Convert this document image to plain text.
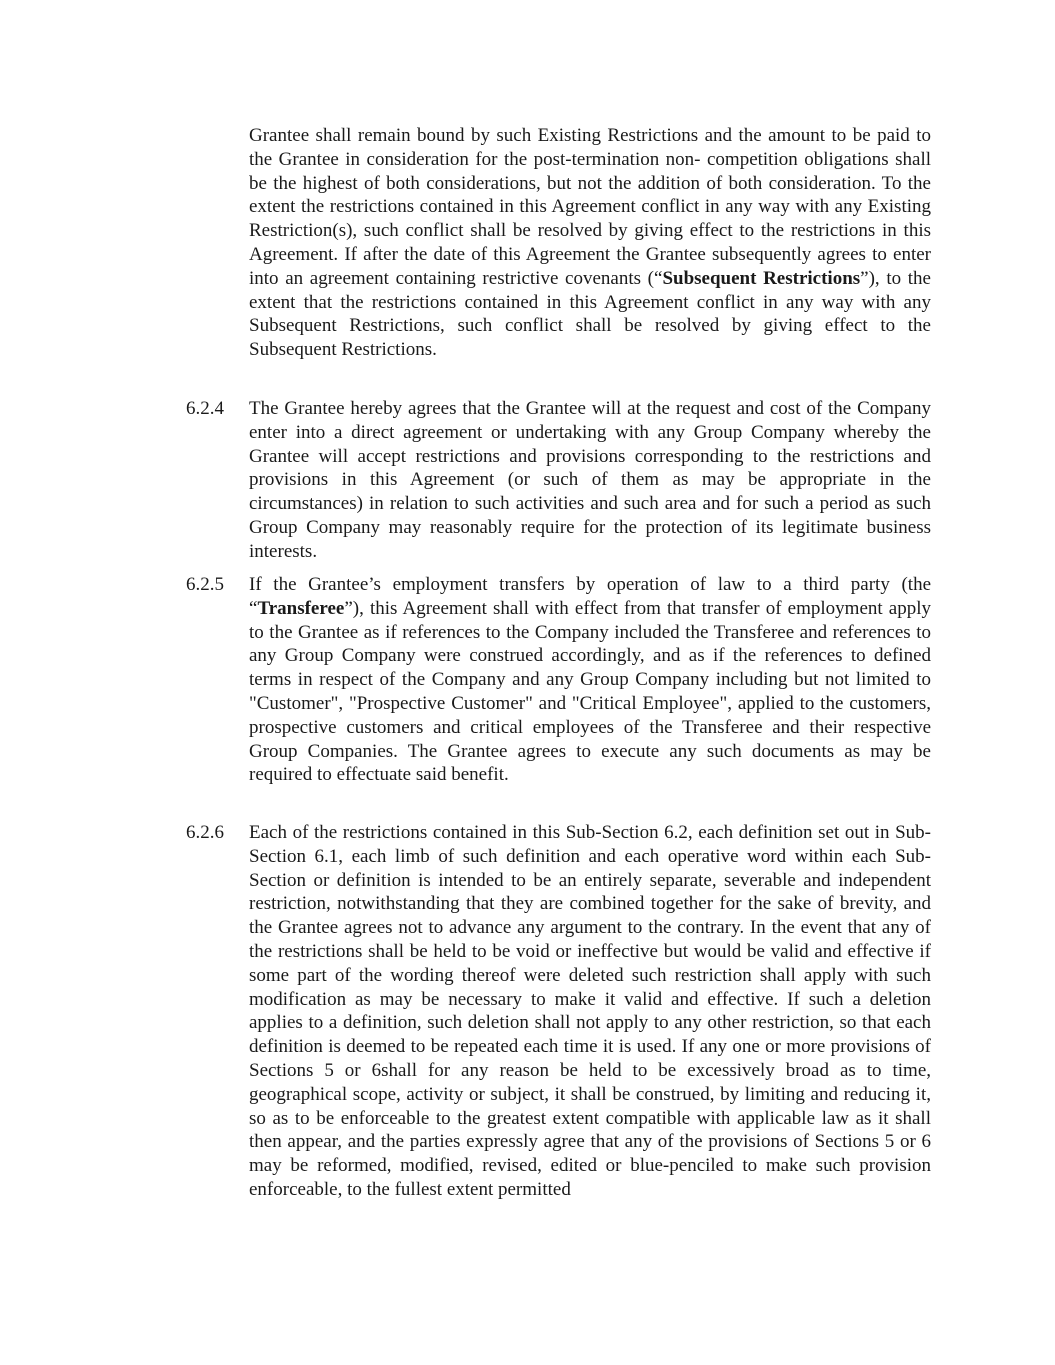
Grantee shall remain bound by such Existing Restrictions and the amount to be paid to the Grantee in consideration for the post-termination non- competition obligations shall be the highest of both considerations, but not the addition of both consideration. To the extent the restrictions contained in this Agreement conflict in any way with any Existing Restriction(s), such conflict shall be resolved by giving effect to the restrictions in this Agreement. If after the date of this Agreement the Grantee subsequently agrees to enter into an agreement containing restrictive covenants (“Subsequent Restrictions”), to the extent that the restrictions contained in this Agreement conflict in any way with any Subsequent Restrictions, such conflict shall be resolved by giving effect to the Subsequent Restrictions.
6.2.4	The Grantee hereby agrees that the Grantee will at the request and cost of the Company enter into a direct agreement or undertaking with any Group Company whereby the Grantee will accept restrictions and provisions corresponding to the restrictions and provisions in this Agreement (or such of them as may be appropriate in the circumstances) in relation to such activities and such area and for such a period as such Group Company may reasonably require for the protection of its legitimate business interests.
6.2.5	If the Grantee’s employment transfers by operation of law to a third party (the “Transferee”), this Agreement shall with effect from that transfer of employment apply to the Grantee as if references to the Company included the Transferee and references to any Group Company were construed accordingly, and as if the references to defined terms in respect of the Company and any Group Company including but not limited to "Customer", "Prospective Customer" and "Critical Employee", applied to the customers, prospective customers and critical employees of the Transferee and their respective Group Companies. The Grantee agrees to execute any such documents as may be required to effectuate said benefit.
6.2.6	Each of the restrictions contained in this Sub-Section 6.2, each definition set out in Sub-Section 6.1, each limb of such definition and each operative word within each Sub-Section or definition is intended to be an entirely separate, severable and independent restriction, notwithstanding that they are combined together for the sake of brevity, and the Grantee agrees not to advance any argument to the contrary. In the event that any of the restrictions shall be held to be void or ineffective but would be valid and effective if some part of the wording thereof were deleted such restriction shall apply with such modification as may be necessary to make it valid and effective. If such a deletion applies to a definition, such deletion shall not apply to any other restriction, so that each definition is deemed to be repeated each time it is used. If any one or more provisions of Sections 5 or 6shall for any reason be held to be excessively broad as to time, geographical scope, activity or subject, it shall be construed, by limiting and reducing it, so as to be enforceable to the greatest extent compatible with applicable law as it shall then appear, and the parties expressly agree that any of the provisions of Sections 5 or 6 may be reformed, modified, revised, edited or blue-penciled to make such provision enforceable, to the fullest extent permitted
